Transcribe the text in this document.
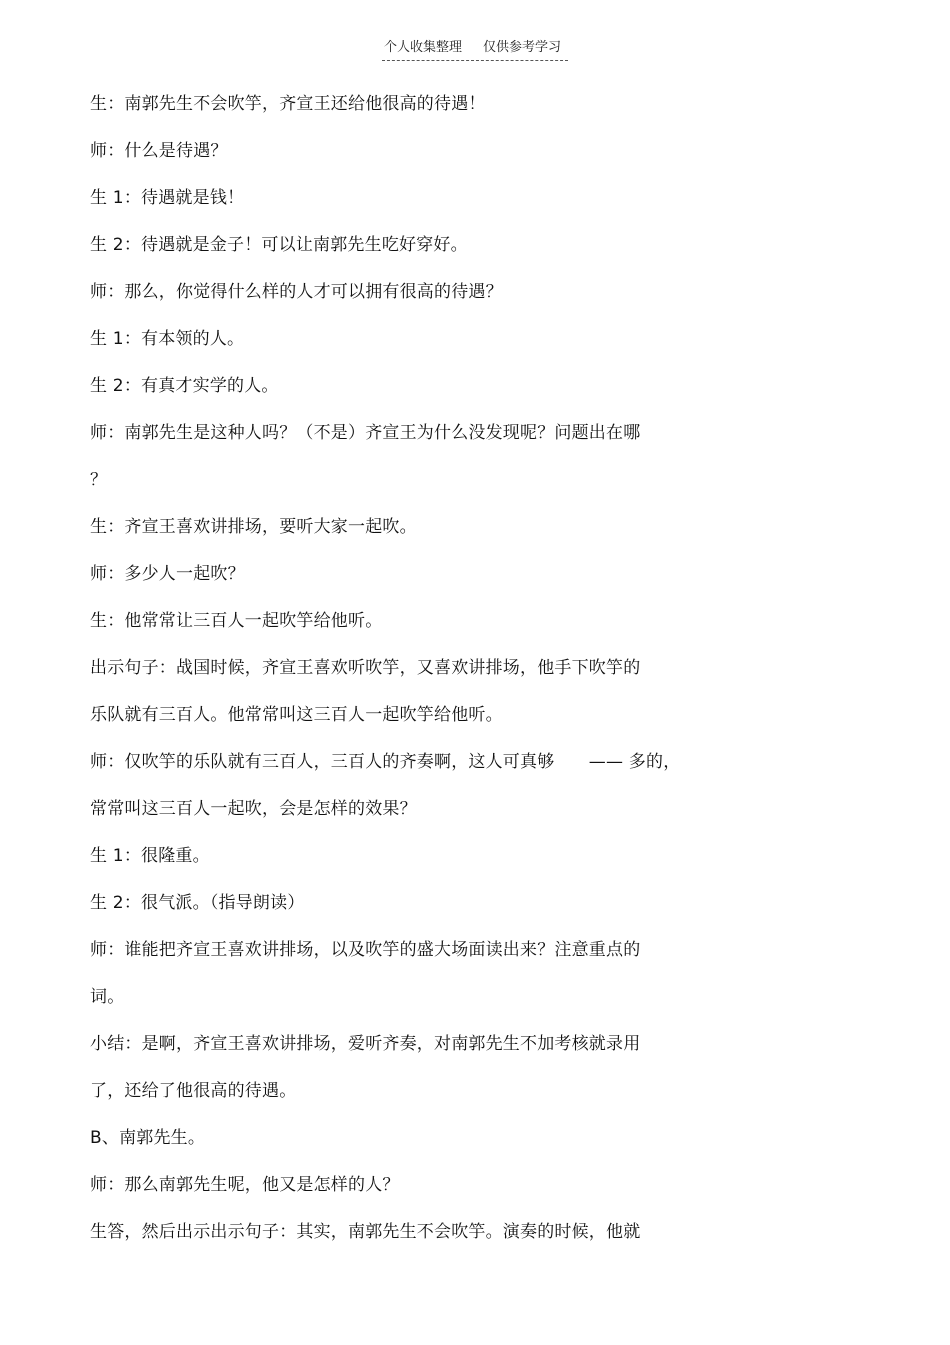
个人收集整理 仅供参考学习
生：南郭先生不会吹竽，齐宣王还给他很高的待遇！
师：什么是待遇？
生 1：待遇就是钱！
生 2：待遇就是金子！可以让南郭先生吃好穿好。
师：那么，你觉得什么样的人才可以拥有很高的待遇？
生 1：有本领的人。
生 2：有真才实学的人。
师：南郭先生是这种人吗？（不是）齐宣王为什么没发现呢？问题出在哪
？
生：齐宣王喜欢讲排场，要听大家一起吹。
师：多少人一起吹？
生：他常常让三百人一起吹竽给他听。
出示句子：战国时候，齐宣王喜欢听吹竽，又喜欢讲排场，他手下吹竽的
乐队就有三百人。他常常叫这三百人一起吹竽给他听。
师：仅吹竽的乐队就有三百人，三百人的齐奏啊，这人可真够　　—— 多的，
常常叫这三百人一起吹，会是怎样的效果？
生 1：很隆重。
生 2：很气派。（指导朗读）
师：谁能把齐宣王喜欢讲排场，以及吹竽的盛大场面读出来？注意重点的
词。
小结：是啊，齐宣王喜欢讲排场，爱听齐奏，对南郭先生不加考核就录用
了，还给了他很高的待遇。
B、南郭先生。
师：那么南郭先生呢，他又是怎样的人？
生答，然后出示出示句子：其实，南郭先生不会吹竽。演奏的时候，他就
